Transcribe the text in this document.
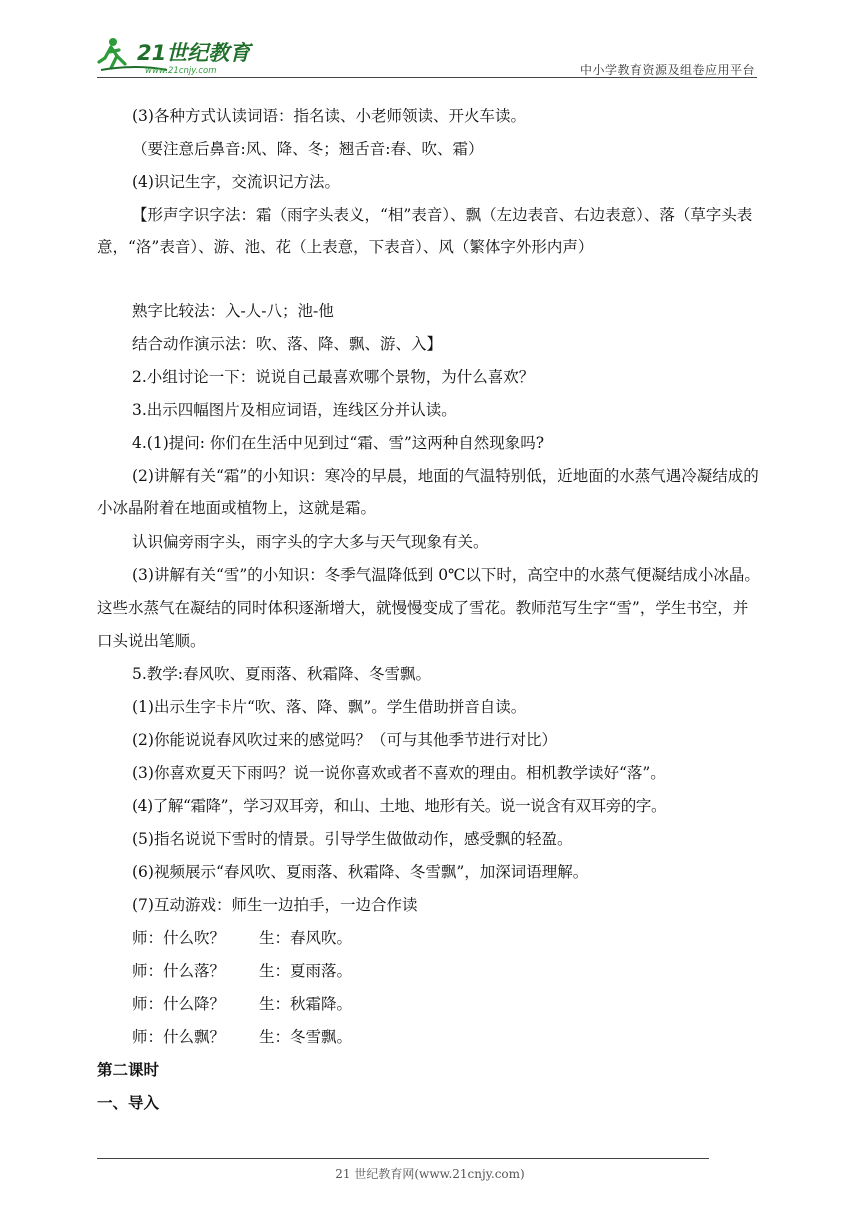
21世纪教育
www.21cnjy.com	中小学教育资源及组卷应用平台
(3)各种方式认读词语：指名读、小老师领读、开火车读。
（要注意后鼻音:风、降、冬；翘舌音:春、吹、霜）
(4)识记生字，交流识记方法。
【形声字识字法：霜（雨字头表义，“相”表音）、飘（左边表音、右边表意）、落（草字头表意，“洛”表音）、游、池、花（上表意，下表音）、风（繁体字外形内声）
熟字比较法：入-人-八；池-他
结合动作演示法：吹、落、降、飘、游、入】
2.小组讨论一下：说说自己最喜欢哪个景物，为什么喜欢？
3.出示四幅图片及相应词语，连线区分并认读。
4.(1)提问: 你们在生活中见到过“霜、雪”这两种自然现象吗?
(2)讲解有关“霜”的小知识：寒冷的早晨，地面的气温特别低，近地面的水蒸气遇冷凝结成的小冰晶附着在地面或植物上，这就是霜。
认识偏旁雨字头，雨字头的字大多与天气现象有关。
(3)讲解有关“雪”的小知识：冬季气温降低到 0℃以下时，高空中的水蒸气便凝结成小冰晶。这些水蒸气在凝结的同时体积逐渐增大，就慢慢变成了雪花。教师范写生字“雪”，学生书空，并口头说出笔顺。
5.教学:春风吹、夏雨落、秋霜降、冬雪飘。
(1)出示生字卡片“吹、落、降、飘”。学生借助拼音自读。
(2)你能说说春风吹过来的感觉吗？（可与其他季节进行对比）
(3)你喜欢夏天下雨吗？说一说你喜欢或者不喜欢的理由。相机教学读好“落”。
(4)了解“霜降”，学习双耳旁，和山、土地、地形有关。说一说含有双耳旁的字。
(5)指名说说下雪时的情景。引导学生做做动作，感受飘的轻盈。
(6)视频展示“春风吹、夏雨落、秋霜降、冬雪飘”，加深词语理解。
(7)互动游戏：师生一边拍手，一边合作读
师：什么吹？ 生：春风吹。
师：什么落？ 生：夏雨落。
师：什么降？ 生：秋霜降。
师：什么飘？ 生：冬雪飘。
第二课时
一、导入
21 世纪教育网(www.21cnjy.com)
